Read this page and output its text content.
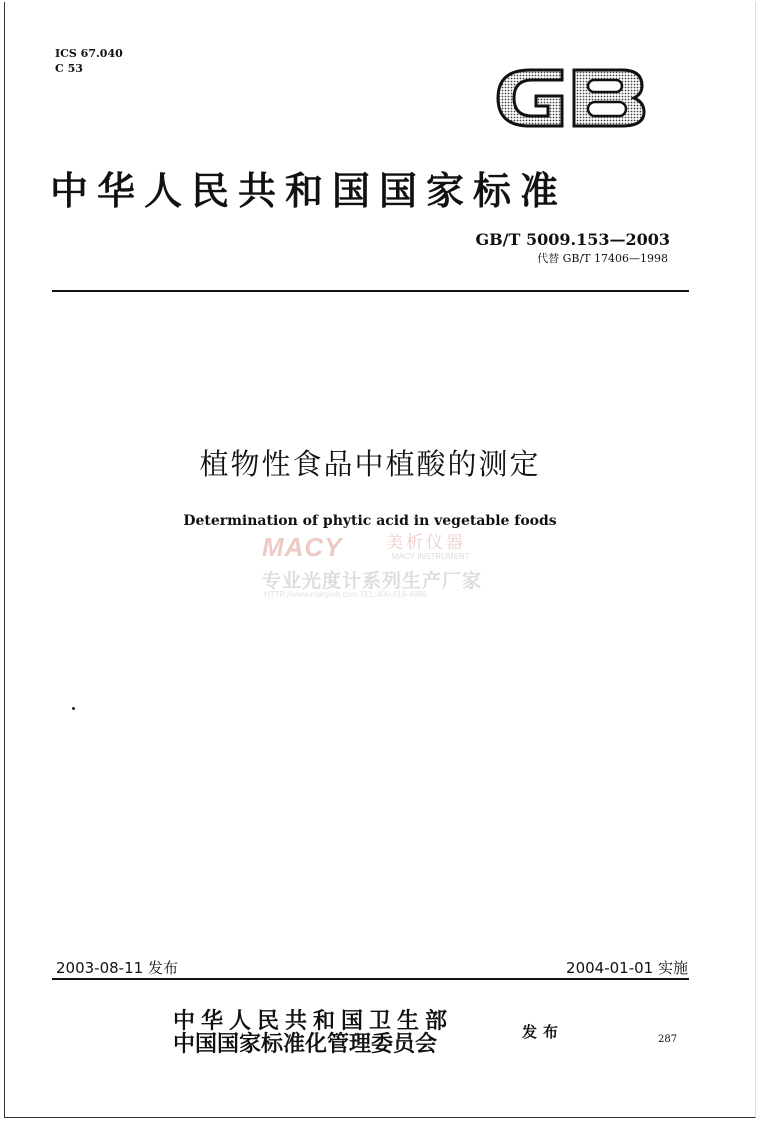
ICS 67.040
C 53
GB
中华人民共和国国家标准
GB/T 5009.153—2003
代替 GB/T 17406—1998
植物性食品中植酸的测定
Determination of phytic acid in vegetable foods
MACY	美析仪器
MACY INSTRUMENT
专业光度计系列生产厂家
HTTP://www.macylab.com TEL:400-616-4686
2003-08-11 发布	2004-01-01 实施
中华人民共和国卫生部
中国国家标准化管理委员会	发布	287
